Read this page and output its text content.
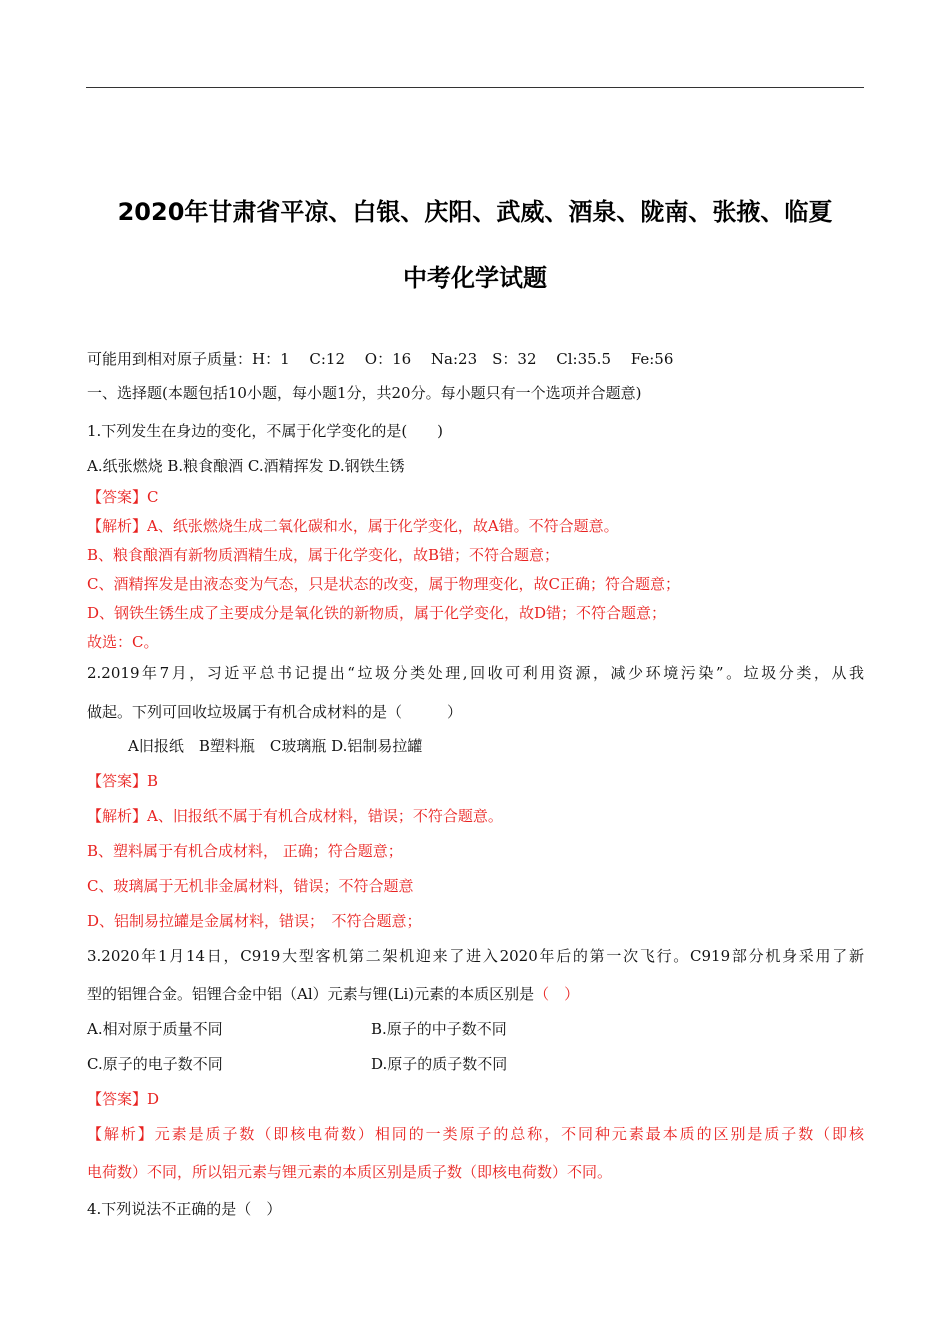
2020年甘肃省平凉、白银、庆阳、武威、酒泉、陇南、张掖、临夏
中考化学试题
可能用到相对原子质量：H：1　 C:12　 O：16　 Na:23　S：32　 Cl:35.5　 Fe:56
一、选择题(本题包括10小题，每小题1分，共20分。每小题只有一个选项并合题意)
1.下列发生在身边的变化，不属于化学变化的是(　　)
A.纸张燃烧 B.粮食酿酒 C.酒精挥发 D.钢铁生锈
【答案】C
【解析】A、纸张燃烧生成二氧化碳和水，属于化学变化，故A错。不符合题意。
B、粮食酿酒有新物质酒精生成，属于化学变化，故B错；不符合题意；
C、酒精挥发是由液态变为气态，只是状态的改变，属于物理变化，故C正确；符合题意；
D、钢铁生锈生成了主要成分是氧化铁的新物质，属于化学变化，故D错；不符合题意；
故选：C。
2.2019年7月，习近平总书记提出“垃圾分类处理,回收可利用资源，减少环境污染”。垃圾分类，从我
做起。下列可回收垃圾属于有机合成材料的是（　　　）
A旧报纸　B塑料瓶　C玻璃瓶 D.铝制易拉罐
【答案】B
【解析】A、旧报纸不属于有机合成材料，错误；不符合题意。
B、塑料属于有机合成材料， 正确；符合题意；
C、玻璃属于无机非金属材料，错误；不符合题意
D、铝制易拉罐是金属材料，错误；　不符合题意；
3.2020年1月14日，C919大型客机第二架机迎来了进入2020年后的第一次飞行。C919部分机身采用了新
型的铝锂合金。铝锂合金中铝（Al）元素与锂(Li)元素的本质区别是（　）
A.相对原于质量不同	B.原子的中子数不同
C.原子的电子数不同	D.原子的质子数不同
【答案】D
【解析】元素是质子数（即核电荷数）相同的一类原子的总称，不同种元素最本质的区别是质子数（即核
电荷数）不同，所以铝元素与锂元素的本质区别是质子数（即核电荷数）不同。
4.下列说法不正确的是（　）
